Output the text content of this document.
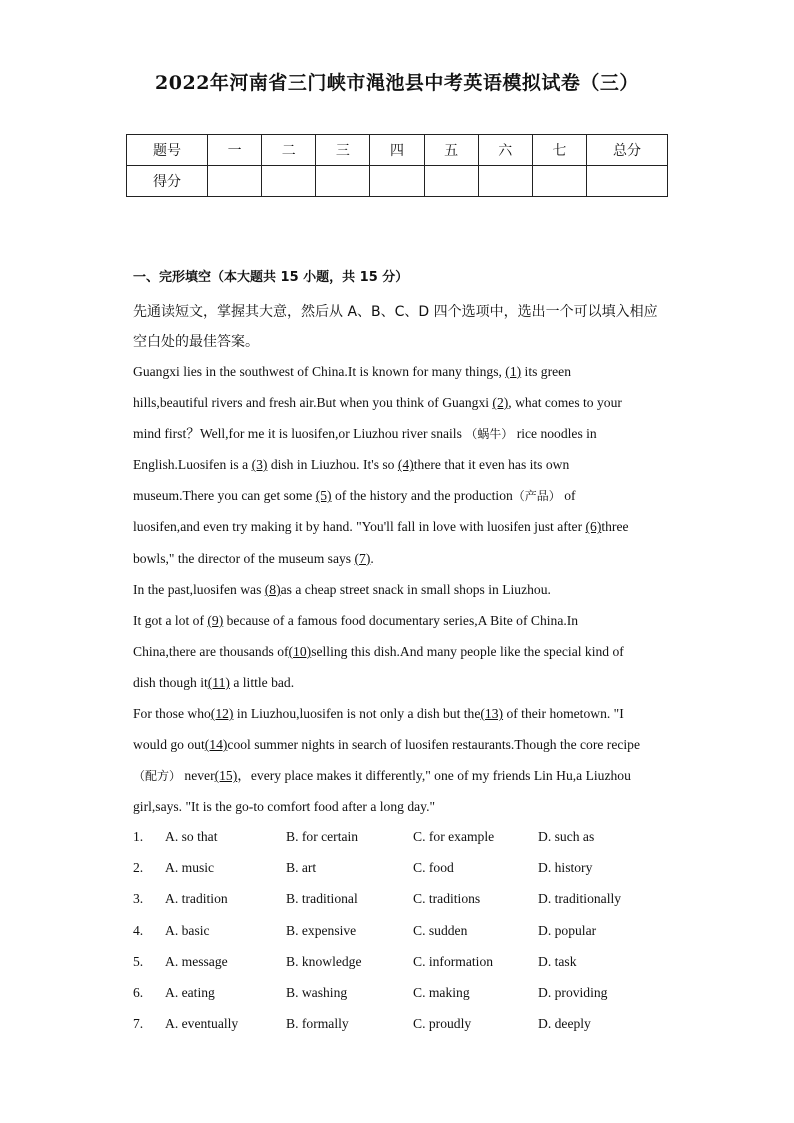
2022年河南省三门峡市渑池县中考英语模拟试卷（三）
题号	一	二	三	四	五	六	七	总分
得分								
一、完形填空（本大题共 15 小题，共 15 分）
先通读短文，掌握其大意，然后从 A、B、C、D 四个选项中，选出一个可以填入相应
空白处的最佳答案。
Guangxi lies in the southwest of China.It is known for many things, (1) its green
hills,beautiful rivers and fresh air.But when you think of Guangxi (2), what comes to your
mind first？Well,for me it is luosifen,or Liuzhou river snails （蜗牛） rice noodles in
English.Luosifen is a (3) dish in Liuzhou. It's so (4)there that it even has its own
museum.There you can get some (5) of the history and the production（产品） of
luosifen,and even try making it by hand. "You'll fall in love with luosifen just after (6)three
bowls," the director of the museum says (7).
In the past,luosifen was (8)as a cheap street snack in small shops in Liuzhou.
It got a lot of (9) because of a famous food documentary series,A Bite of China.In
China,there are thousands of(10)selling this dish.And many people like the special kind of
dish though it(11) a little bad.
For those who(12) in Liuzhou,luosifen is not only a dish but the(13) of their hometown. "I
would go out(14)cool summer nights in search of luosifen restaurants.Though the core recipe
（配方） never(15)，every place makes it differently," one of my friends Lin Hu,a Liuzhou
girl,says. "It is the go-to comfort food after a long day."
1. A. so that	B. for certain	C. for example	D. such as
2. A. music	B. art	C. food	D. history
3. A. tradition	B. traditional	C. traditions	D. traditionally
4. A. basic	B. expensive	C. sudden	D. popular
5. A. message	B. knowledge	C. information	D. task
6. A. eating	B. washing	C. making	D. providing
7. A. eventually	B. formally	C. proudly	D. deeply
